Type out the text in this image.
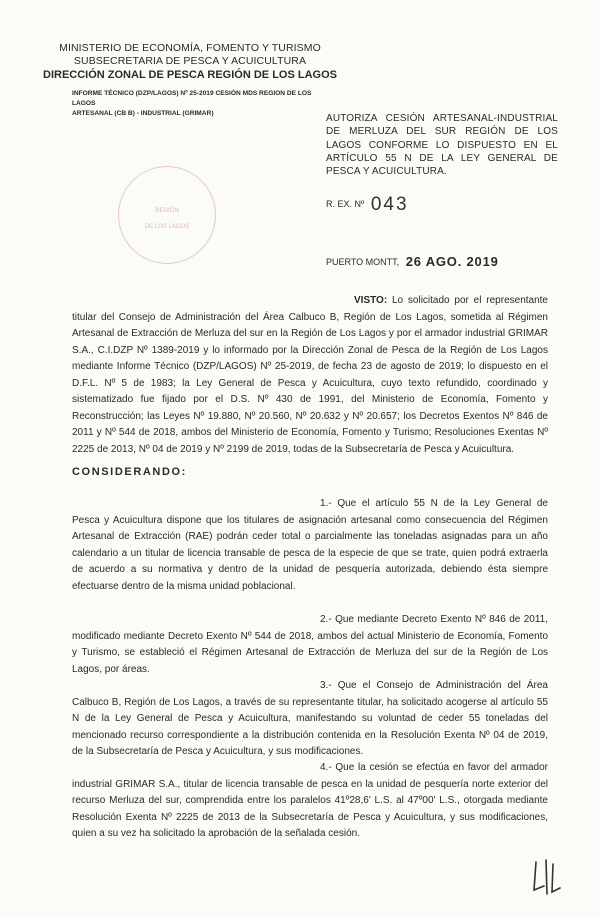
MINISTERIO DE ECONOMÍA, FOMENTO Y TURISMO
SUBSECRETARIA DE PESCA Y ACUICULTURA
DIRECCIÓN ZONAL DE PESCA REGIÓN DE LOS LAGOS
INFORME TÉCNICO (DZP/LAGOS) Nº 25-2019 CESIÓN MDS REGION DE LOS LAGOS
ARTESANAL (CB B) - INDUSTRIAL (GRIMAR)	AUTORIZA CESIÓN ARTESANAL-INDUSTRIAL DE MERLUZA DEL SUR REGIÓN DE LOS LAGOS CONFORME LO DISPUESTO EN EL ARTÍCULO 55 N DE LA LEY GENERAL DE PESCA Y ACUICULTURA.
REGIÓN
DE LOS LAGOS
R. EX. Nº 043
PUERTO MONTT, 26 AGO. 2019
VISTO: Lo solicitado por el representante titular del Consejo de Administración del Área Calbuco B, Región de Los Lagos, sometida al Régimen Artesanal de Extracción de Merluza del sur en la Región de Los Lagos y por el armador industrial GRIMAR S.A., C.I.DZP Nº 1389-2019 y lo informado por la Dirección Zonal de Pesca de la Región de Los Lagos mediante Informe Técnico (DZP/LAGOS) Nº 25-2019, de fecha 23 de agosto de 2019; lo dispuesto en el D.F.L. Nº 5 de 1983; la Ley General de Pesca y Acuicultura, cuyo texto refundido, coordinado y sistematizado fue fijado por el D.S. Nº 430 de 1991, del Ministerio de Economía, Fomento y Reconstrucción; las Leyes Nº 19.880, Nº 20.560, Nº 20.632 y Nº 20.657; los Decretos Exentos Nº 846 de 2011 y Nº 544 de 2018, ambos del Ministerio de Economía, Fomento y Turismo; Resoluciones Exentas Nº 2225 de 2013, Nº 04 de 2019 y Nº 2199 de 2019, todas de la Subsecretaría de Pesca y Acuicultura.
CONSIDERANDO:
1.- Que el artículo 55 N de la Ley General de Pesca y Acuicultura dispone que los titulares de asignación artesanal como consecuencia del Régimen Artesanal de Extracción (RAE) podrán ceder total o parcialmente las toneladas asignadas para un año calendario a un titular de licencia transable de pesca de la especie de que se trate, quien podrá extraerla de acuerdo a su normativa y dentro de la unidad de pesquería autorizada, debiendo ésta siempre efectuarse dentro de la misma unidad poblacional.
2.- Que mediante Decreto Exento Nº 846 de 2011, modificado mediante Decreto Exento Nº 544 de 2018, ambos del actual Ministerio de Economía, Fomento y Turismo, se estableció el Régimen Artesanal de Extracción de Merluza del sur de la Región de Los Lagos, por áreas.
3.- Que el Consejo de Administración del Área Calbuco B, Región de Los Lagos, a través de su representante titular, ha solicitado acogerse al artículo 55 N de la Ley General de Pesca y Acuicultura, manifestando su voluntad de ceder 55 toneladas del mencionado recurso correspondiente a la distribución contenida en la Resolución Exenta Nº 04 de 2019, de la Subsecretaría de Pesca y Acuicultura, y sus modificaciones.
4.- Que la cesión se efectúa en favor del armador industrial GRIMAR S.A., titular de licencia transable de pesca en la unidad de pesquería norte exterior del recurso Merluza del sur, comprendida entre los paralelos 41º28,6' L.S. al 47º00' L.S., otorgada mediante Resolución Exenta Nº 2225 de 2013 de la Subsecretaría de Pesca y Acuicultura, y sus modificaciones, quien a su vez ha solicitado la aprobación de la señalada cesión.
